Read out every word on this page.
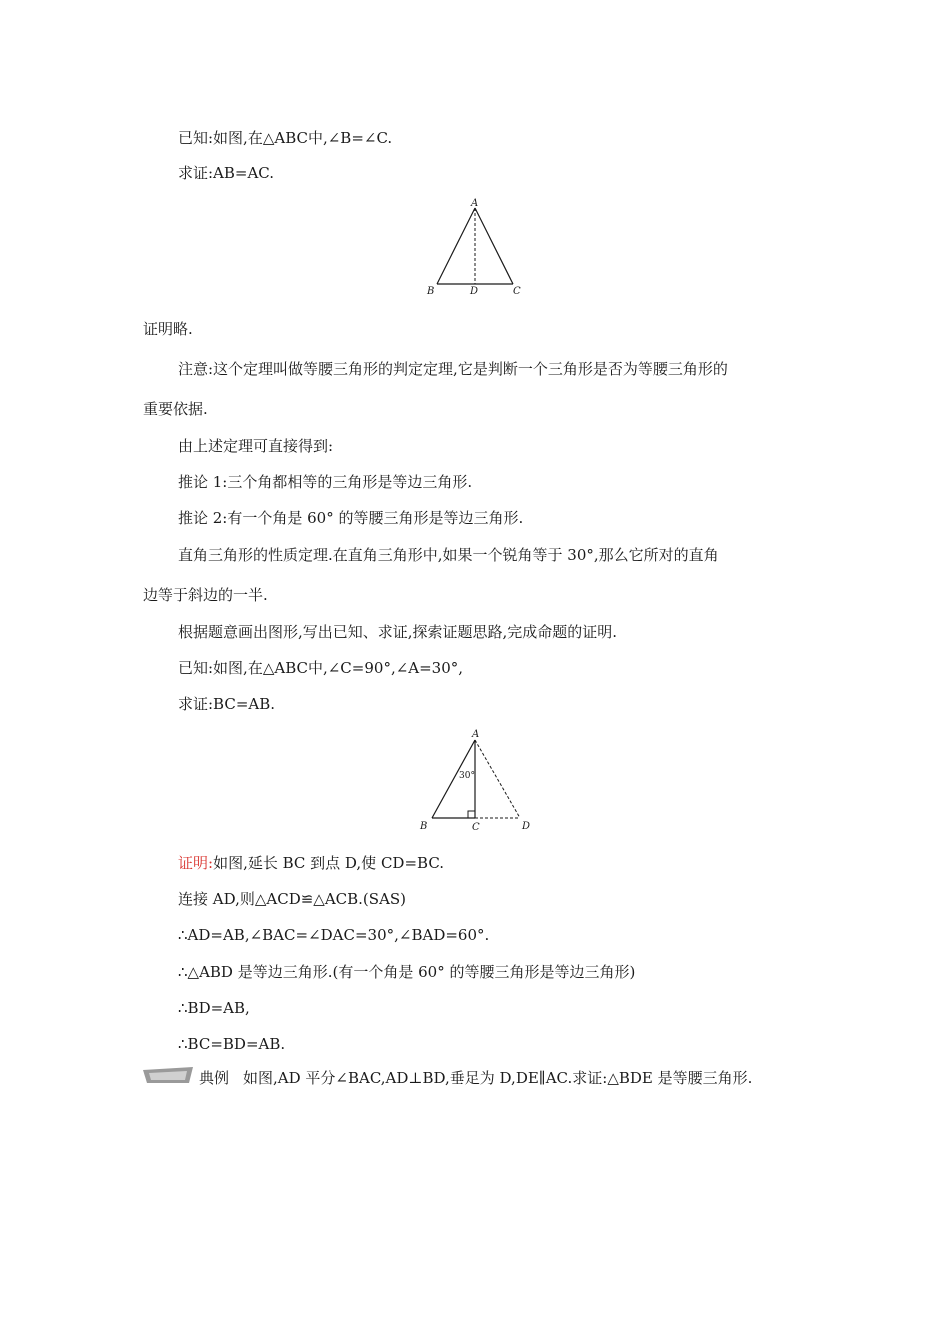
已知:如图,在△ABC中,∠B=∠C.
求证:AB=AC.
A
B	D	C
证明略.
注意:这个定理叫做等腰三角形的判定定理,它是判断一个三角形是否为等腰三角形的
重要依据.
由上述定理可直接得到:
推论 1:三个角都相等的三角形是等边三角形.
推论 2:有一个角是 60° 的等腰三角形是等边三角形.
直角三角形的性质定理.在直角三角形中,如果一个锐角等于 30°,那么它所对的直角
边等于斜边的一半.
根据题意画出图形,写出已知、求证,探索证题思路,完成命题的证明.
已知:如图,在△ABC中,∠C=90°,∠A=30°,
求证:BC=AB.
A
B	C	D
30°
证明:如图,延长 BC 到点 D,使 CD=BC.
连接 AD,则△ACD≌△ACB.(SAS)
∴AD=AB,∠BAC=∠DAC=30°,∠BAD=60°.
∴△ABD 是等边三角形.(有一个角是 60° 的等腰三角形是等边三角形)
∴BD=AB,
∴BC=BD=AB.
典例 如图,AD 平分∠BAC,AD⊥BD,垂足为 D,DE∥AC.求证:△BDE 是等腰三角形.
